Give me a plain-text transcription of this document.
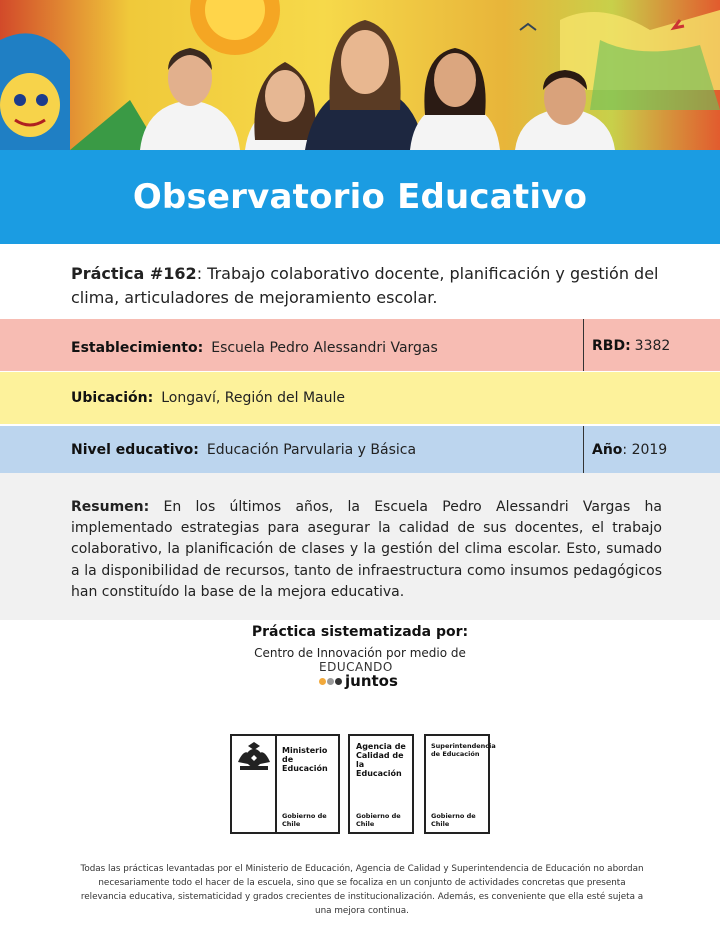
Observatorio Educativo
Práctica #162: Trabajo colaborativo docente, planificación y gestión del clima, articuladores de mejoramiento escolar.
Establecimiento: Escuela Pedro Alessandri Vargas	RBD: 3382
Ubicación: Longaví, Región del Maule
Nivel educativo: Educación Parvularia y Básica	Año : 2019

Resumen: En los últimos años, la Escuela Pedro Alessandri Vargas ha implementado estrategias para asegurar la calidad de sus docentes, el trabajo colaborativo, la planificación de clases y la gestión del clima escolar. Esto, sumado a la disponibilidad de recursos, tanto de infraestructura como insumos pedagógicos han constituído la base de la mejora educativa.

Práctica sistematizada por:
Centro de Innovación por medio de
EDUCANDO
juntos
Ministerio de Educación
Gobierno de Chile
Agencia de Calidad de la Educación
Gobierno de Chile
Superintendencia de Educación
Gobierno de Chile
Todas las prácticas levantadas por el Ministerio de Educación, Agencia de Calidad y Superintendencia de Educación no abordan necesariamente todo el hacer de la escuela, sino que se focaliza en un conjunto de actividades concretas que presenta relevancia educativa, sistematicidad y grados crecientes de institucionalización. Además, es conveniente que ella esté sujeta a una mejora continua.
